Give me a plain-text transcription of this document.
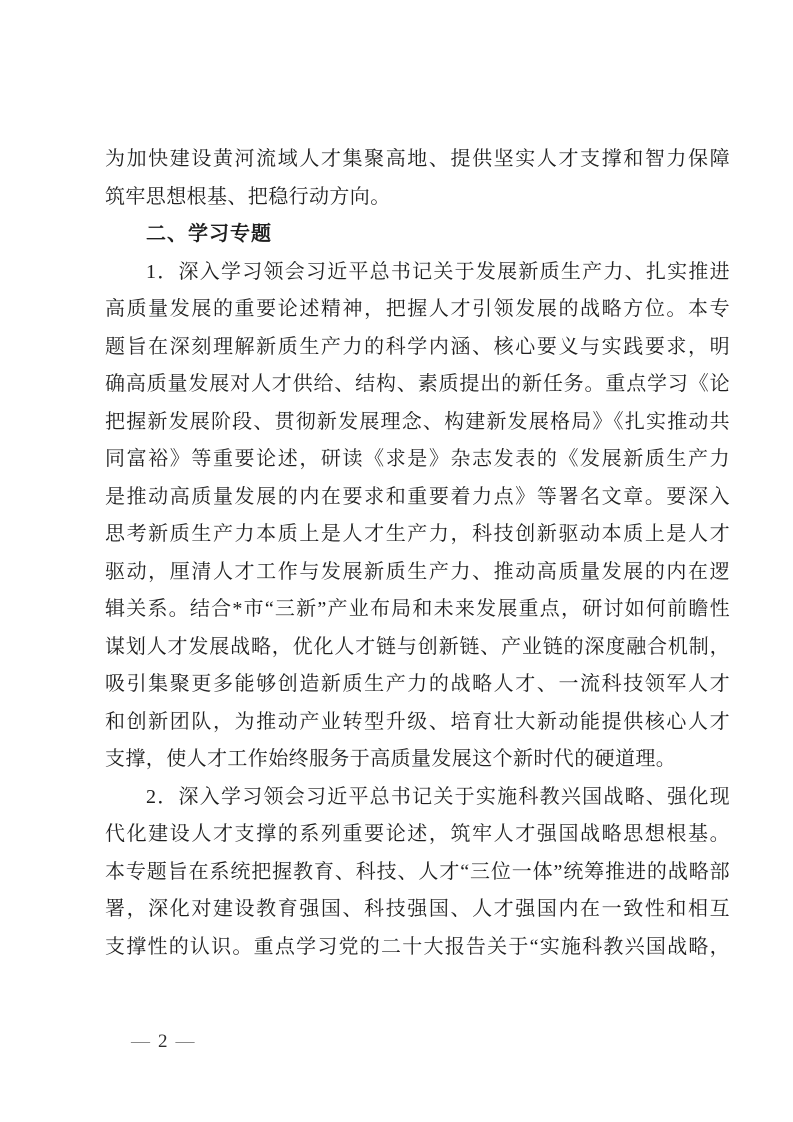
为加快建设黄河流域人才集聚高地、提供坚实人才支撑和智力保障
筑牢思想根基、把稳行动方向。
二、学习专题
1．深入学习领会习近平总书记关于发展新质生产力、扎实推进
高质量发展的重要论述精神，把握人才引领发展的战略方位。本专
题旨在深刻理解新质生产力的科学内涵、核心要义与实践要求，明
确高质量发展对人才供给、结构、素质提出的新任务。重点学习《论
把握新发展阶段、贯彻新发展理念、构建新发展格局》《扎实推动共
同富裕》等重要论述，研读《求是》杂志发表的《发展新质生产力
是推动高质量发展的内在要求和重要着力点》等署名文章。要深入
思考新质生产力本质上是人才生产力，科技创新驱动本质上是人才
驱动，厘清人才工作与发展新质生产力、推动高质量发展的内在逻
辑关系。结合*市“三新”产业布局和未来发展重点，研讨如何前瞻性
谋划人才发展战略，优化人才链与创新链、产业链的深度融合机制，
吸引集聚更多能够创造新质生产力的战略人才、一流科技领军人才
和创新团队，为推动产业转型升级、培育壮大新动能提供核心人才
支撑，使人才工作始终服务于高质量发展这个新时代的硬道理。
2．深入学习领会习近平总书记关于实施科教兴国战略、强化现
代化建设人才支撑的系列重要论述，筑牢人才强国战略思想根基。
本专题旨在系统把握教育、科技、人才“三位一体”统筹推进的战略部
署，深化对建设教育强国、科技强国、人才强国内在一致性和相互
支撑性的认识。重点学习党的二十大报告关于“实施科教兴国战略，
— 2 —
